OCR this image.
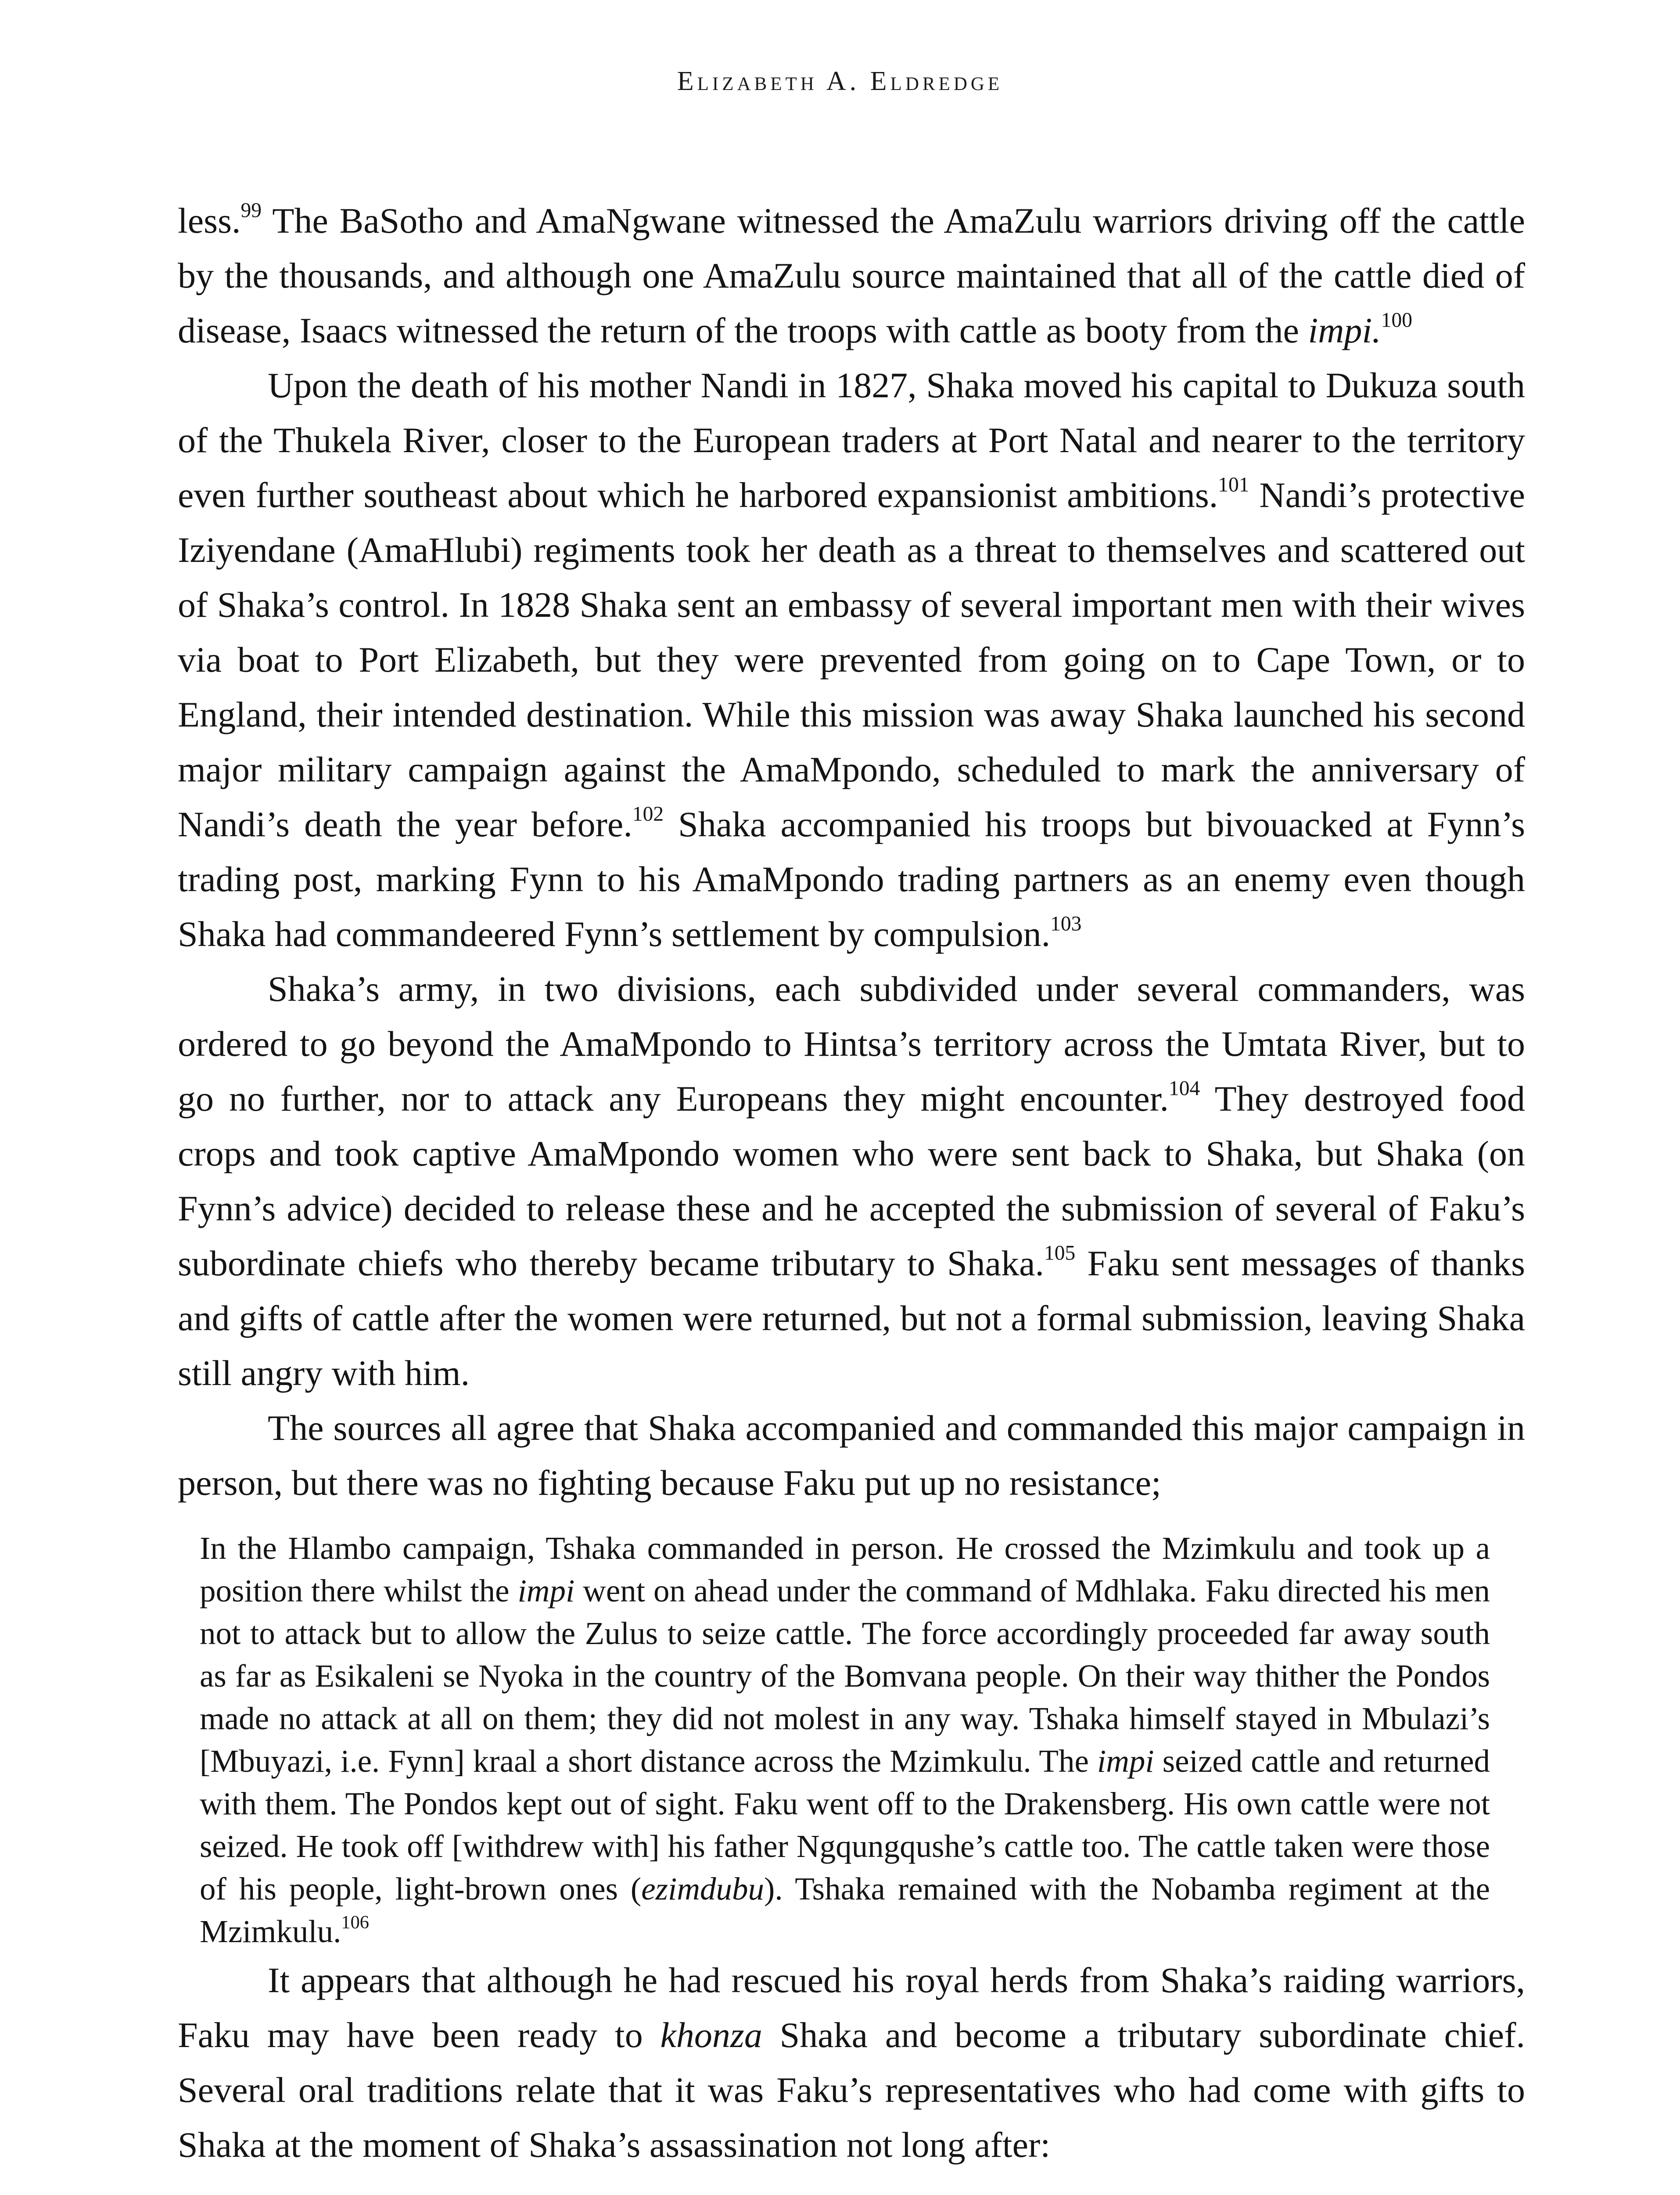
Elizabeth A. Eldredge

less.$^{99}$ The BaSotho and AmaNgwane witnessed the AmaZulu warriors driving off the cattle by the thousands, and although one AmaZulu source maintained that all of the cattle died of disease, Isaacs witnessed the return of the troops with cattle as booty from the impi.$^{100}$

Upon the death of his mother Nandi in 1827, Shaka moved his capital to Dukuza south of the Thukela River, closer to the European traders at Port Natal and nearer to the territory even further southeast about which he harbored expansionist ambitions.$^{101}$ Nandi’s protective Iziyendane (AmaHlubi) regiments took her death as a threat to themselves and scattered out of Shaka’s control. In 1828 Shaka sent an embassy of several important men with their wives via boat to Port Elizabeth, but they were prevented from going on to Cape Town, or to England, their intended destination. While this mission was away Shaka launched his second major military campaign against the AmaMpondo, scheduled to mark the anniversary of Nandi’s death the year before.$^{102}$ Shaka accompanied his troops but bivouacked at Fynn’s trading post, marking Fynn to his AmaMpondo trading partners as an enemy even though Shaka had commandeered Fynn’s settlement by compulsion.$^{103}$

Shaka’s army, in two divisions, each subdivided under several commanders, was ordered to go beyond the AmaMpondo to Hintsa’s territory across the Umtata River, but to go no further, nor to attack any Europeans they might encounter.$^{104}$ They destroyed food crops and took captive AmaMpondo women who were sent back to Shaka, but Shaka (on Fynn’s advice) decided to release these and he accepted the submission of several of Faku’s subordinate chiefs who thereby became tributary to Shaka.$^{105}$ Faku sent messages of thanks and gifts of cattle after the women were returned, but not a formal submission, leaving Shaka still angry with him.

The sources all agree that Shaka accompanied and commanded this major campaign in person, but there was no fighting because Faku put up no resistance;

In the Hlambo campaign, Tshaka commanded in person. He crossed the Mzimkulu and took up a position there whilst the impi went on ahead under the command of Mdhlaka. Faku directed his men not to attack but to allow the Zulus to seize cattle. The force accordingly proceeded far away south as far as Esikaleni se Nyoka in the country of the Bomvana people. On their way thither the Pondos made no attack at all on them; they did not molest in any way. Tshaka himself stayed in Mbulazi’s [Mbuyazi, i.e. Fynn] kraal a short distance across the Mzimkulu. The impi seized cattle and returned with them. The Pondos kept out of sight. Faku went off to the Drakensberg. His own cattle were not seized. He took off [withdrew with] his father Ngqungqushe’s cattle too. The cattle taken were those of his people, light-brown ones (ezimdubu). Tshaka remained with the Nobamba regiment at the Mzimkulu.$^{106}$

It appears that although he had rescued his royal herds from Shaka’s raiding warriors, Faku may have been ready to khonza Shaka and become a tributary subordinate chief. Several oral traditions relate that it was Faku’s representatives who had come with gifts to Shaka at the moment of Shaka’s assassination not long after:
